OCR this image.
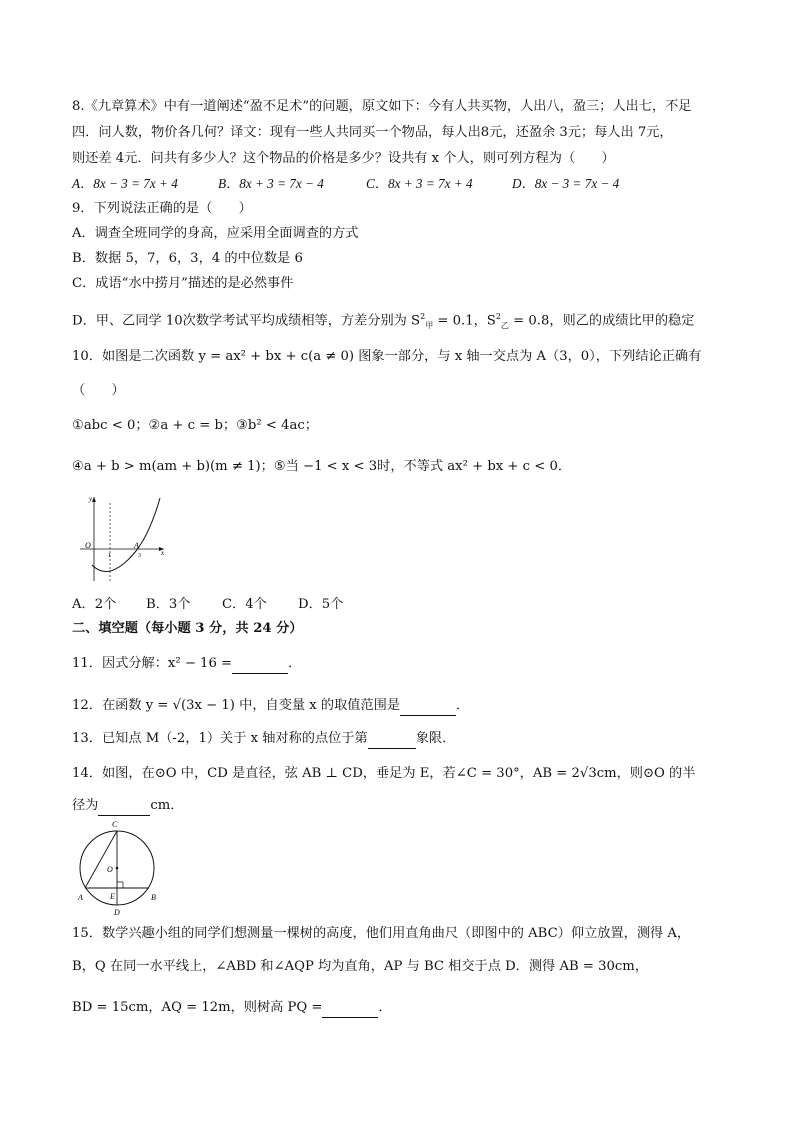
8.《九章算术》中有一道阐述“盈不足术”的问题，原文如下：今有人共买物，人出八，盈三；人出七，不足
四．问人数，物价各几何？译文：现有一些人共同买一个物品，每人出8元，还盈余 3元；每人出 7元，
则还差 4元．问共有多少人？这个物品的价格是多少？设共有 x 个人，则可列方程为（　　）
A．8x − 3 = 7x + 4	B．8x + 3 = 7x − 4	C．8x + 3 = 7x + 4	D．8x − 3 = 7x − 4
9．下列说法正确的是（　　）
A．调查全班同学的身高，应采用全面调查的方式
B．数据 5，7，6，3，4 的中位数是 6
C．成语“水中捞月”描述的是必然事件
D．甲、乙同学 10次数学考试平均成绩相等，方差分别为 $S^2_甲 = 0.1$，$S^2_乙 = 0.8$，则乙的成绩比甲的稳定
10．如图是二次函数 y = ax² + bx + c(a ≠ 0) 图象一部分，与 x 轴一交点为 A（3，0），下列结论正确有
（　　）
①abc < 0；②a + c = b；③b² < 4ac；
④a + b > m(am + b)(m ≠ 1)；⑤当 −1 < x < 3时，不等式 ax² + bx + c < 0．
y
O	A
x
1	3
A．2个 B．3个 C．4个 D．5个
二、填空题（每小题 3 分，共 24 分）
11．因式分解：x² − 16 =	．
12．在函数 y = √(3x − 1) 中，自变量 x 的取值范围是	．
13．已知点 M（-2，1）关于 x 轴对称的点位于第	象限．
14．如图，在⊙O 中，CD 是直径，弦 AB ⊥ CD，垂足为 E，若∠C = 30°，AB = 2√3cm，则⊙O 的半
径为	cm．
C
O
A	E	B
D
15．数学兴趣小组的同学们想测量一棵树的高度，他们用直角曲尺（即图中的 ABC）仰立放置，测得 A，
B，Q 在同一水平线上，∠ABD 和∠AQP 均为直角，AP 与 BC 相交于点 D．测得 AB = 30cm，
BD = 15cm，AQ = 12m，则树高 PQ =	．
